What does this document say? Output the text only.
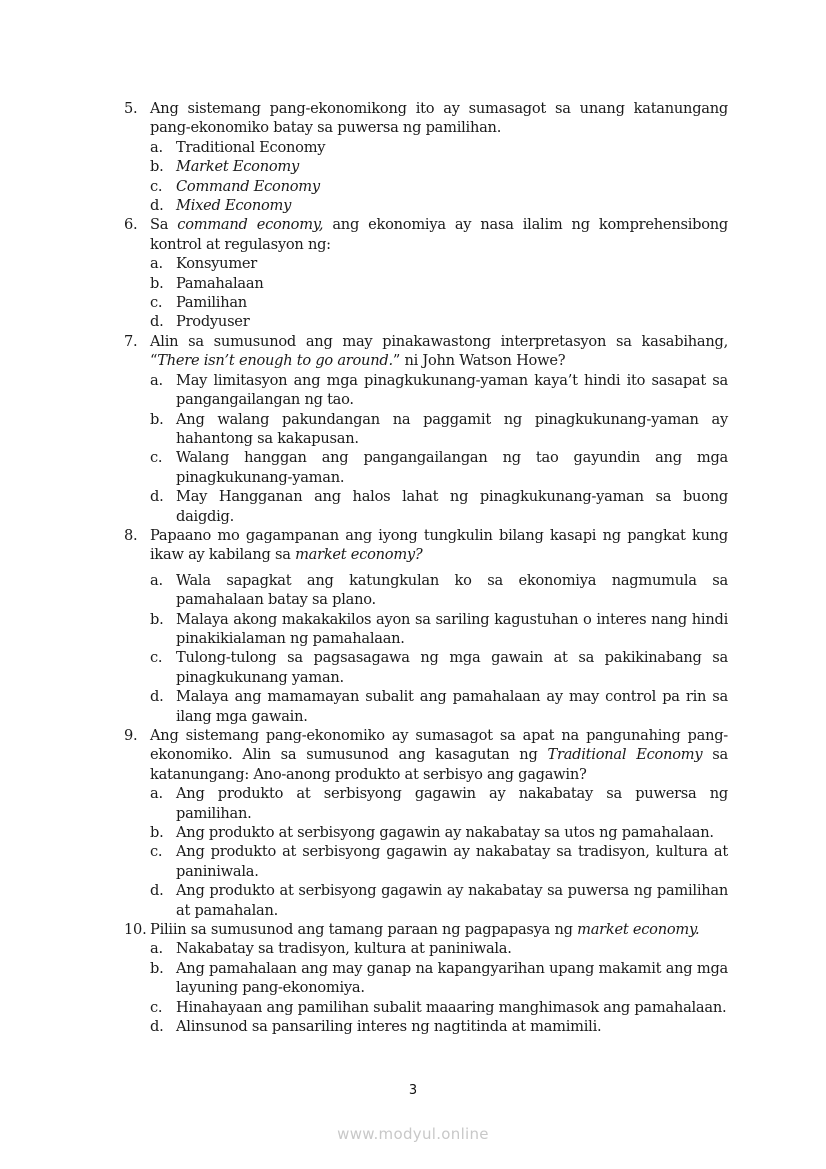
5. Ang sistemang pang-ekonomikong ito ay sumasagot sa unang katanungang pang-ekonomiko batay sa puwersa ng pamilihan.
a. Traditional Economy
b. Market Economy
c. Command Economy
d. Mixed Economy
6. Sa command economy, ang ekonomiya ay nasa ilalim ng komprehensibong kontrol at regulasyon ng:
a. Konsyumer
b. Pamahalaan
c. Pamilihan
d. Prodyuser
7. Alin sa sumusunod ang may pinakawastong interpretasyon sa kasabihang, “There isn’t enough to go around.” ni John Watson Howe?
a. May limitasyon ang mga pinagkukunang-yaman kaya’t hindi ito sasapat sa pangangailangan ng tao.
b. Ang walang pakundangan na paggamit ng pinagkukunang-yaman ay hahantong sa kakapusan.
c. Walang hanggan ang pangangailangan ng tao gayundin ang mga pinagkukunang-yaman.
d. May Hangganan ang halos lahat ng pinagkukunang-yaman sa buong daigdig.
8. Papaano mo gagampanan ang iyong tungkulin bilang kasapi ng pangkat kung ikaw ay kabilang sa market economy?
a. Wala sapagkat ang katungkulan ko sa ekonomiya nagmumula sa pamahalaan batay sa plano.
b. Malaya akong makakakilos ayon sa sariling kagustuhan o interes nang hindi pinakikialaman ng pamahalaan.
c. Tulong-tulong sa pagsasagawa ng mga gawain at sa pakikinabang sa pinagkukunang yaman.
d. Malaya ang mamamayan subalit ang pamahalaan ay may control pa rin sa ilang mga gawain.
9. Ang sistemang pang-ekonomiko ay sumasagot sa apat na pangunahing pang-ekonomiko. Alin sa sumusunod ang kasagutan ng Traditional Economy sa katanungang: Ano-anong produkto at serbisyo ang gagawin?
a. Ang produkto at serbisyong gagawin ay nakabatay sa puwersa ng pamilihan.
b. Ang produkto at serbisyong gagawin ay nakabatay sa utos ng pamahalaan.
c. Ang produkto at serbisyong gagawin ay nakabatay sa tradisyon, kultura at paniniwala.
d. Ang produkto at serbisyong gagawin ay nakabatay sa puwersa ng pamilihan at pamahalan.
10. Piliin sa sumusunod ang tamang paraan ng pagpapasya ng market economy.
a. Nakabatay sa tradisyon, kultura at paniniwala.
b. Ang pamahalaan ang may ganap na kapangyarihan upang makamit ang mga layuning pang-ekonomiya.
c. Hinahayaan ang pamilihan subalit maaaring manghimasok ang pamahalaan.
d. Alinsunod sa pansariling interes ng nagtitinda at mamimili.
3
www.modyul.online
